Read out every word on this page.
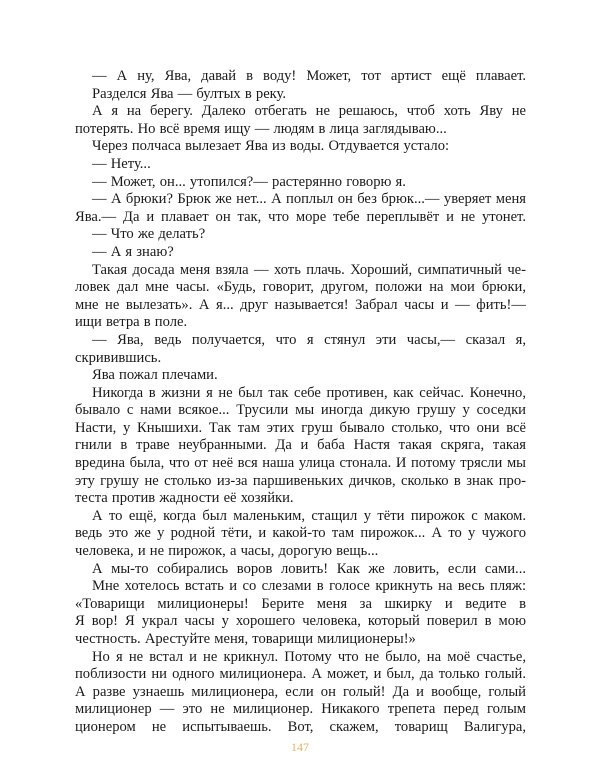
— А ну, Ява, давай в воду! Может, тот артист ещё плавает.
Разделся Ява — бултых в реку.
А я на берегу. Далеко отбегать не решаюсь, чтоб хоть Яву не
потерять. Но всё время ищу — людям в лица заглядываю...
Через полчаса вылезает Ява из воды. Отдувается устало:
— Нету...
— Может, он... утопился?— растерянно говорю я.
— А брюки? Брюк же нет... А поплыл он без брюк...— уверяет меня
Ява.— Да и плавает он так, что море тебе переплывёт и не утонет.
— Что же делать?
— А я знаю?
Такая досада меня взяла — хоть плачь. Хороший, симпатичный че-
ловек дал мне часы. «Будь, говорит, другом, положи на мои брюки,
мне не вылезать». А я... друг называется! Забрал часы и — фить!—
ищи ветра в поле.
— Ява, ведь получается, что я стянул эти часы,— сказал я,
скривившись.
Ява пожал плечами.
Никогда в жизни я не был так себе противен, как сейчас. Конечно,
бывало с нами всякое... Трусили мы иногда дикую грушу у соседки
Насти, у Кнышихи. Так там этих груш бывало столько, что они всё
гнили в траве неубранными. Да и баба Настя такая скряга, такая
вредина была, что от неё вся наша улица стонала. И потому трясли мы
эту грушу не столько из-за паршивеньких дичков, сколько в знак про-
теста против жадности её хозяйки.
А то ещё, когда был маленьким, стащил у тёти пирожок с маком.
ведь это же у родной тёти, и какой-то там пирожок... А то у чужого
человека, и не пирожок, а часы, дорогую вещь...
А мы-то собирались воров ловить! Как же ловить, если сами...
Мне хотелось встать и со слезами в голосе крикнуть на весь пляж:
«Товарищи милиционеры! Берите меня за шкирку и ведите в
Я вор! Я украл часы у хорошего человека, который поверил в мою
честность. Арестуйте меня, товарищи милиционеры!»
Но я не встал и не крикнул. Потому что не было, на моё счастье,
поблизости ни одного милиционера. А может, и был, да только голый.
А разве узнаешь милиционера, если он голый! Да и вообще, голый
милиционер — это не милиционер. Никакого трепета перед голым
ционером не испытываешь. Вот, скажем, товарищ Валигура,
147
